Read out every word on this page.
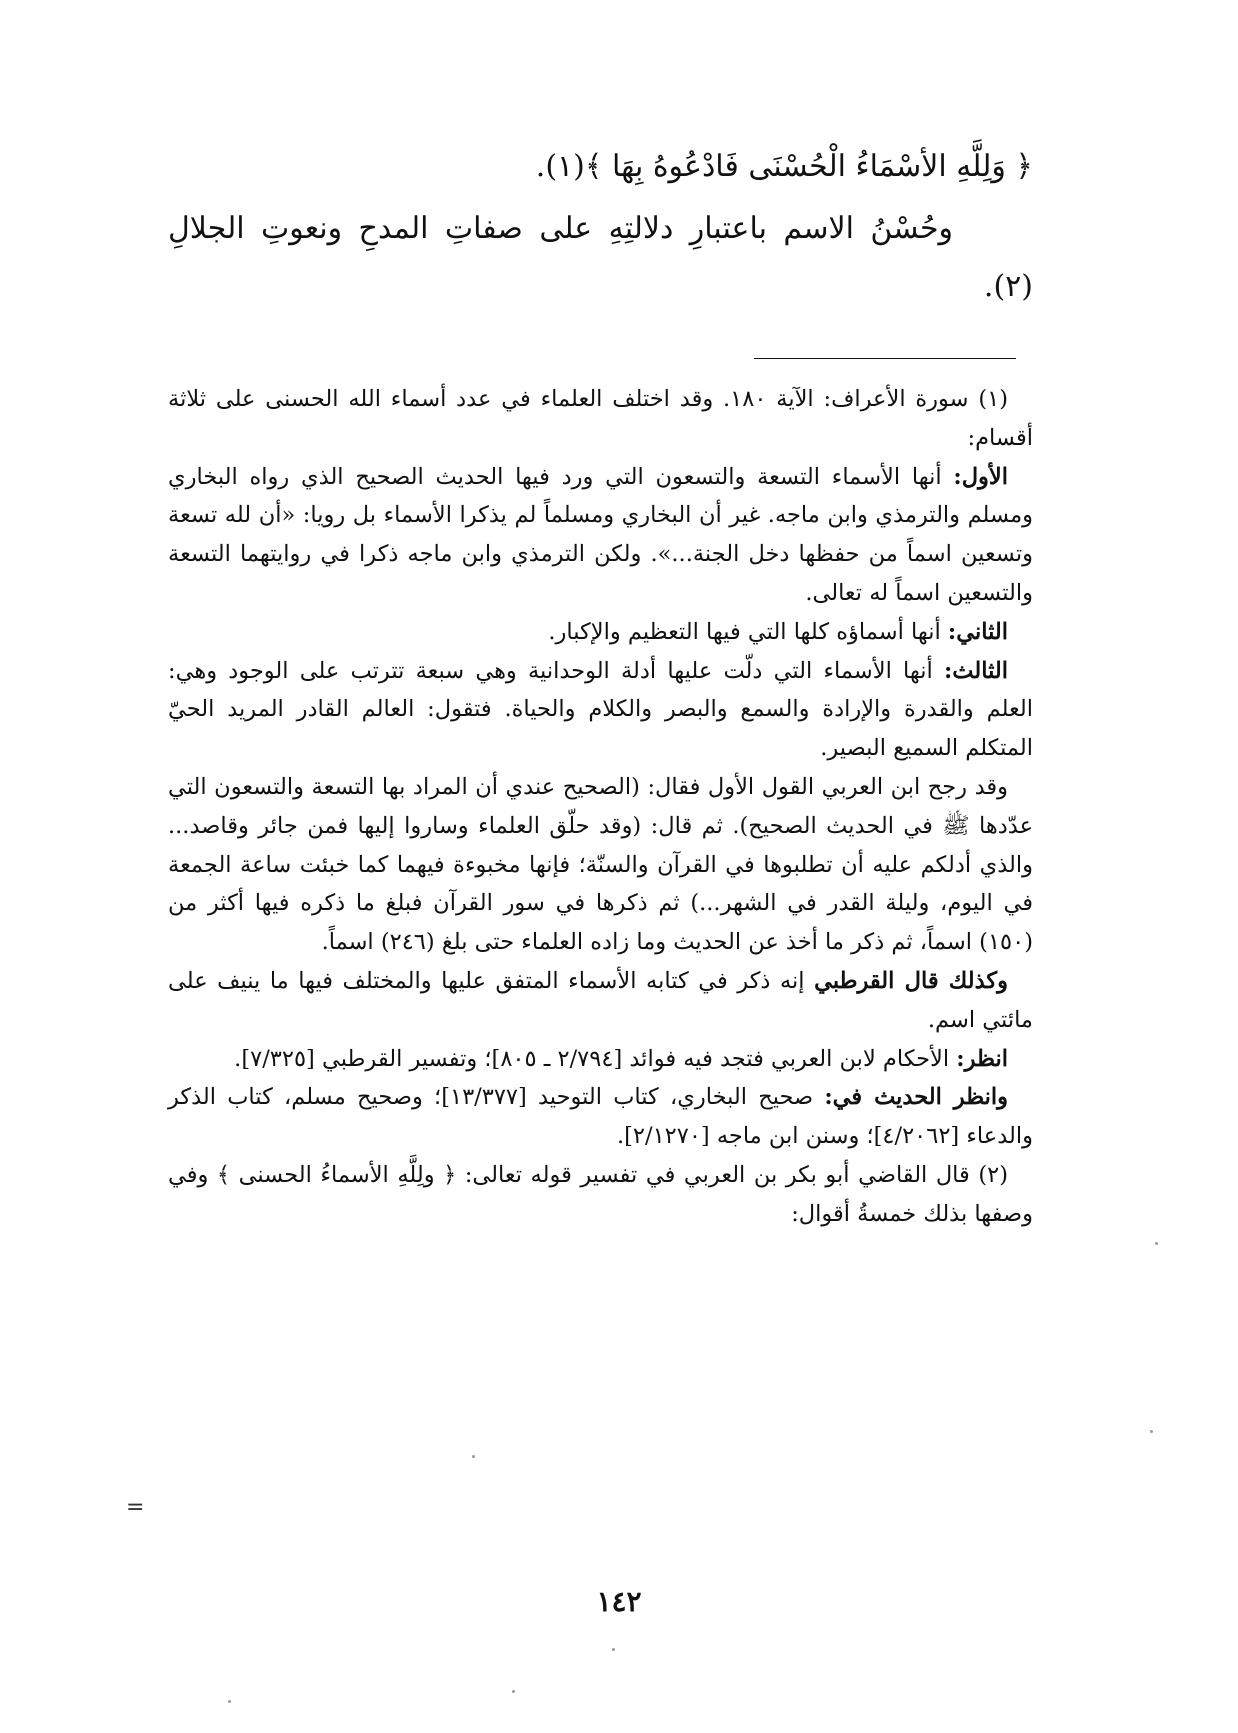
﴿ وَلِلَّهِ الأسْمَاءُ الْحُسْنَى فَادْعُوهُ بِهَا ﴾(١).

وحُسْنُ الاسم باعتبارِ دلالتِهِ على صفاتِ المدحِ ونعوتِ الجلالِ (٢).

(١) سورة الأعراف: الآية ١٨٠. وقد اختلف العلماء في عدد أسماء الله الحسنى على ثلاثة أقسام:

الأول: أنها الأسماء التسعة والتسعون التي ورد فيها الحديث الصحيح الذي رواه البخاري ومسلم والترمذي وابن ماجه. غير أن البخاري ومسلماً لم يذكرا الأسماء بل رويا: «أن لله تسعة وتسعين اسماً من حفظها دخل الجنة...». ولكن الترمذي وابن ماجه ذكرا في روايتهما التسعة والتسعين اسماً له تعالى.

الثاني: أنها أسماؤه كلها التي فيها التعظيم والإكبار.

الثالث: أنها الأسماء التي دلّت عليها أدلة الوحدانية وهي سبعة تترتب على الوجود وهي: العلم والقدرة والإرادة والسمع والبصر والكلام والحياة. فتقول: العالم القادر المريد الحيّ المتكلم السميع البصير.

وقد رجح ابن العربي القول الأول فقال: (الصحيح عندي أن المراد بها التسعة والتسعون التي عدّدها ﷺ في الحديث الصحيح). ثم قال: (وقد حلّق العلماء وساروا إليها فمن جائر وقاصد... والذي أدلكم عليه أن تطلبوها في القرآن والسنّة؛ فإنها مخبوءة فيهما كما خبئت ساعة الجمعة في اليوم، وليلة القدر في الشهر...) ثم ذكرها في سور القرآن فبلغ ما ذكره فيها أكثر من (١٥٠) اسماً، ثم ذكر ما أخذ عن الحديث وما زاده العلماء حتى بلغ (٢٤٦) اسماً.

وكذلك قال القرطبي إنه ذكر في كتابه الأسماء المتفق عليها والمختلف فيها ما ينيف على مائتي اسم.

انظر: الأحكام لابن العربي فتجد فيه فوائد [٢/٧٩٤ ـ ٨٠٥]؛ وتفسير القرطبي [٧/٣٢٥].

وانظر الحديث في: صحيح البخاري، كتاب التوحيد [١٣/٣٧٧]؛ وصحيح مسلم، كتاب الذكر والدعاء [٤/٢٠٦٢]؛ وسنن ابن ماجه [٢/١٢٧٠].

(٢) قال القاضي أبو بكر بن العربي في تفسير قوله تعالى: ﴿ ولِلَّهِ الأسماءُ الحسنى ﴾ وفي وصفها بذلك خمسةُ أقوال:

=
١٤٢
